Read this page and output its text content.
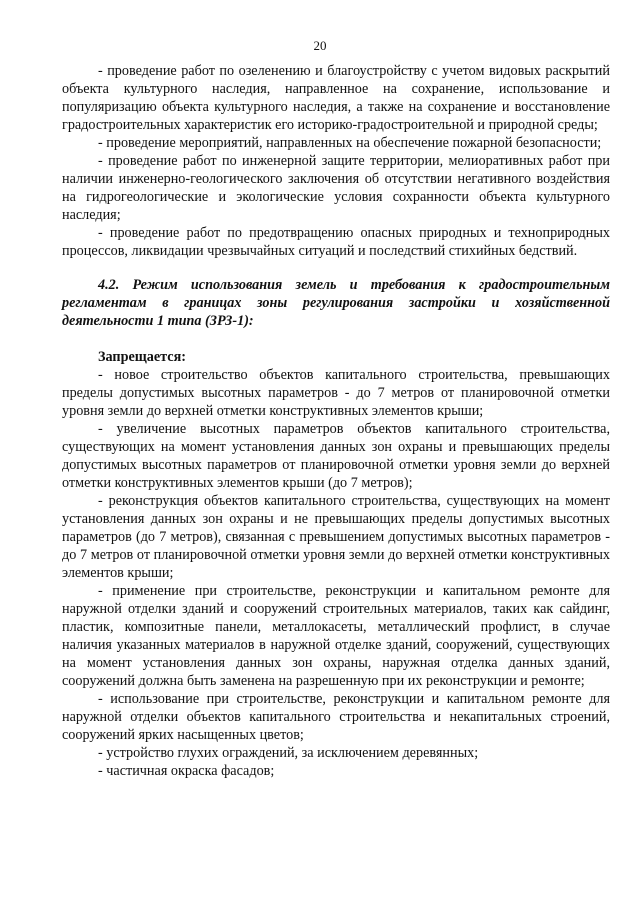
20

- проведение работ по озеленению и благоустройству с учетом видовых раскрытий объекта культурного наследия, направленное на сохранение, использование и популяризацию объекта культурного наследия, а также на сохранение и восстановление градостроительных характеристик его историко-градостроительной и природной среды;

- проведение мероприятий, направленных на обеспечение пожарной безопасности;

- проведение работ по инженерной защите территории, мелиоративных работ при наличии инженерно-геологического заключения об отсутствии негативного воздействия на гидрогеологические и экологические условия сохранности объекта культурного наследия;

- проведение работ по предотвращению опасных природных и техноприродных процессов, ликвидации чрезвычайных ситуаций и последствий стихийных бедствий.

4.2. Режим использования земель и требования к градостроительным регламентам в границах зоны регулирования застройки и хозяйственной деятельности 1 типа (ЗРЗ-1):

Запрещается:

- новое строительство объектов капитального строительства, превышающих пределы допустимых высотных параметров - до 7 метров от планировочной отметки уровня земли до верхней отметки конструктивных элементов крыши;

- увеличение высотных параметров объектов капитального строительства, существующих на момент установления данных зон охраны и превышающих пределы допустимых высотных параметров от планировочной отметки уровня земли до верхней отметки конструктивных элементов крыши (до 7 метров);

- реконструкция объектов капитального строительства, существующих на момент установления данных зон охраны и не превышающих пределы допустимых высотных параметров (до 7 метров), связанная с превышением допустимых высотных параметров - до 7 метров от планировочной отметки уровня земли до верхней отметки конструктивных элементов крыши;

- применение при строительстве, реконструкции и капитальном ремонте для наружной отделки зданий и сооружений строительных материалов, таких как сайдинг, пластик, композитные панели, металлокасеты, металлический профлист, в случае наличия указанных материалов в наружной отделке зданий, сооружений, существующих на момент установления данных зон охраны, наружная отделка данных зданий, сооружений должна быть заменена на разрешенную при их реконструкции и ремонте;

- использование при строительстве, реконструкции и капитальном ремонте для наружной отделки объектов капитального строительства и некапитальных строений, сооружений ярких насыщенных цветов;

- устройство глухих ограждений, за исключением деревянных;

- частичная окраска фасадов;
